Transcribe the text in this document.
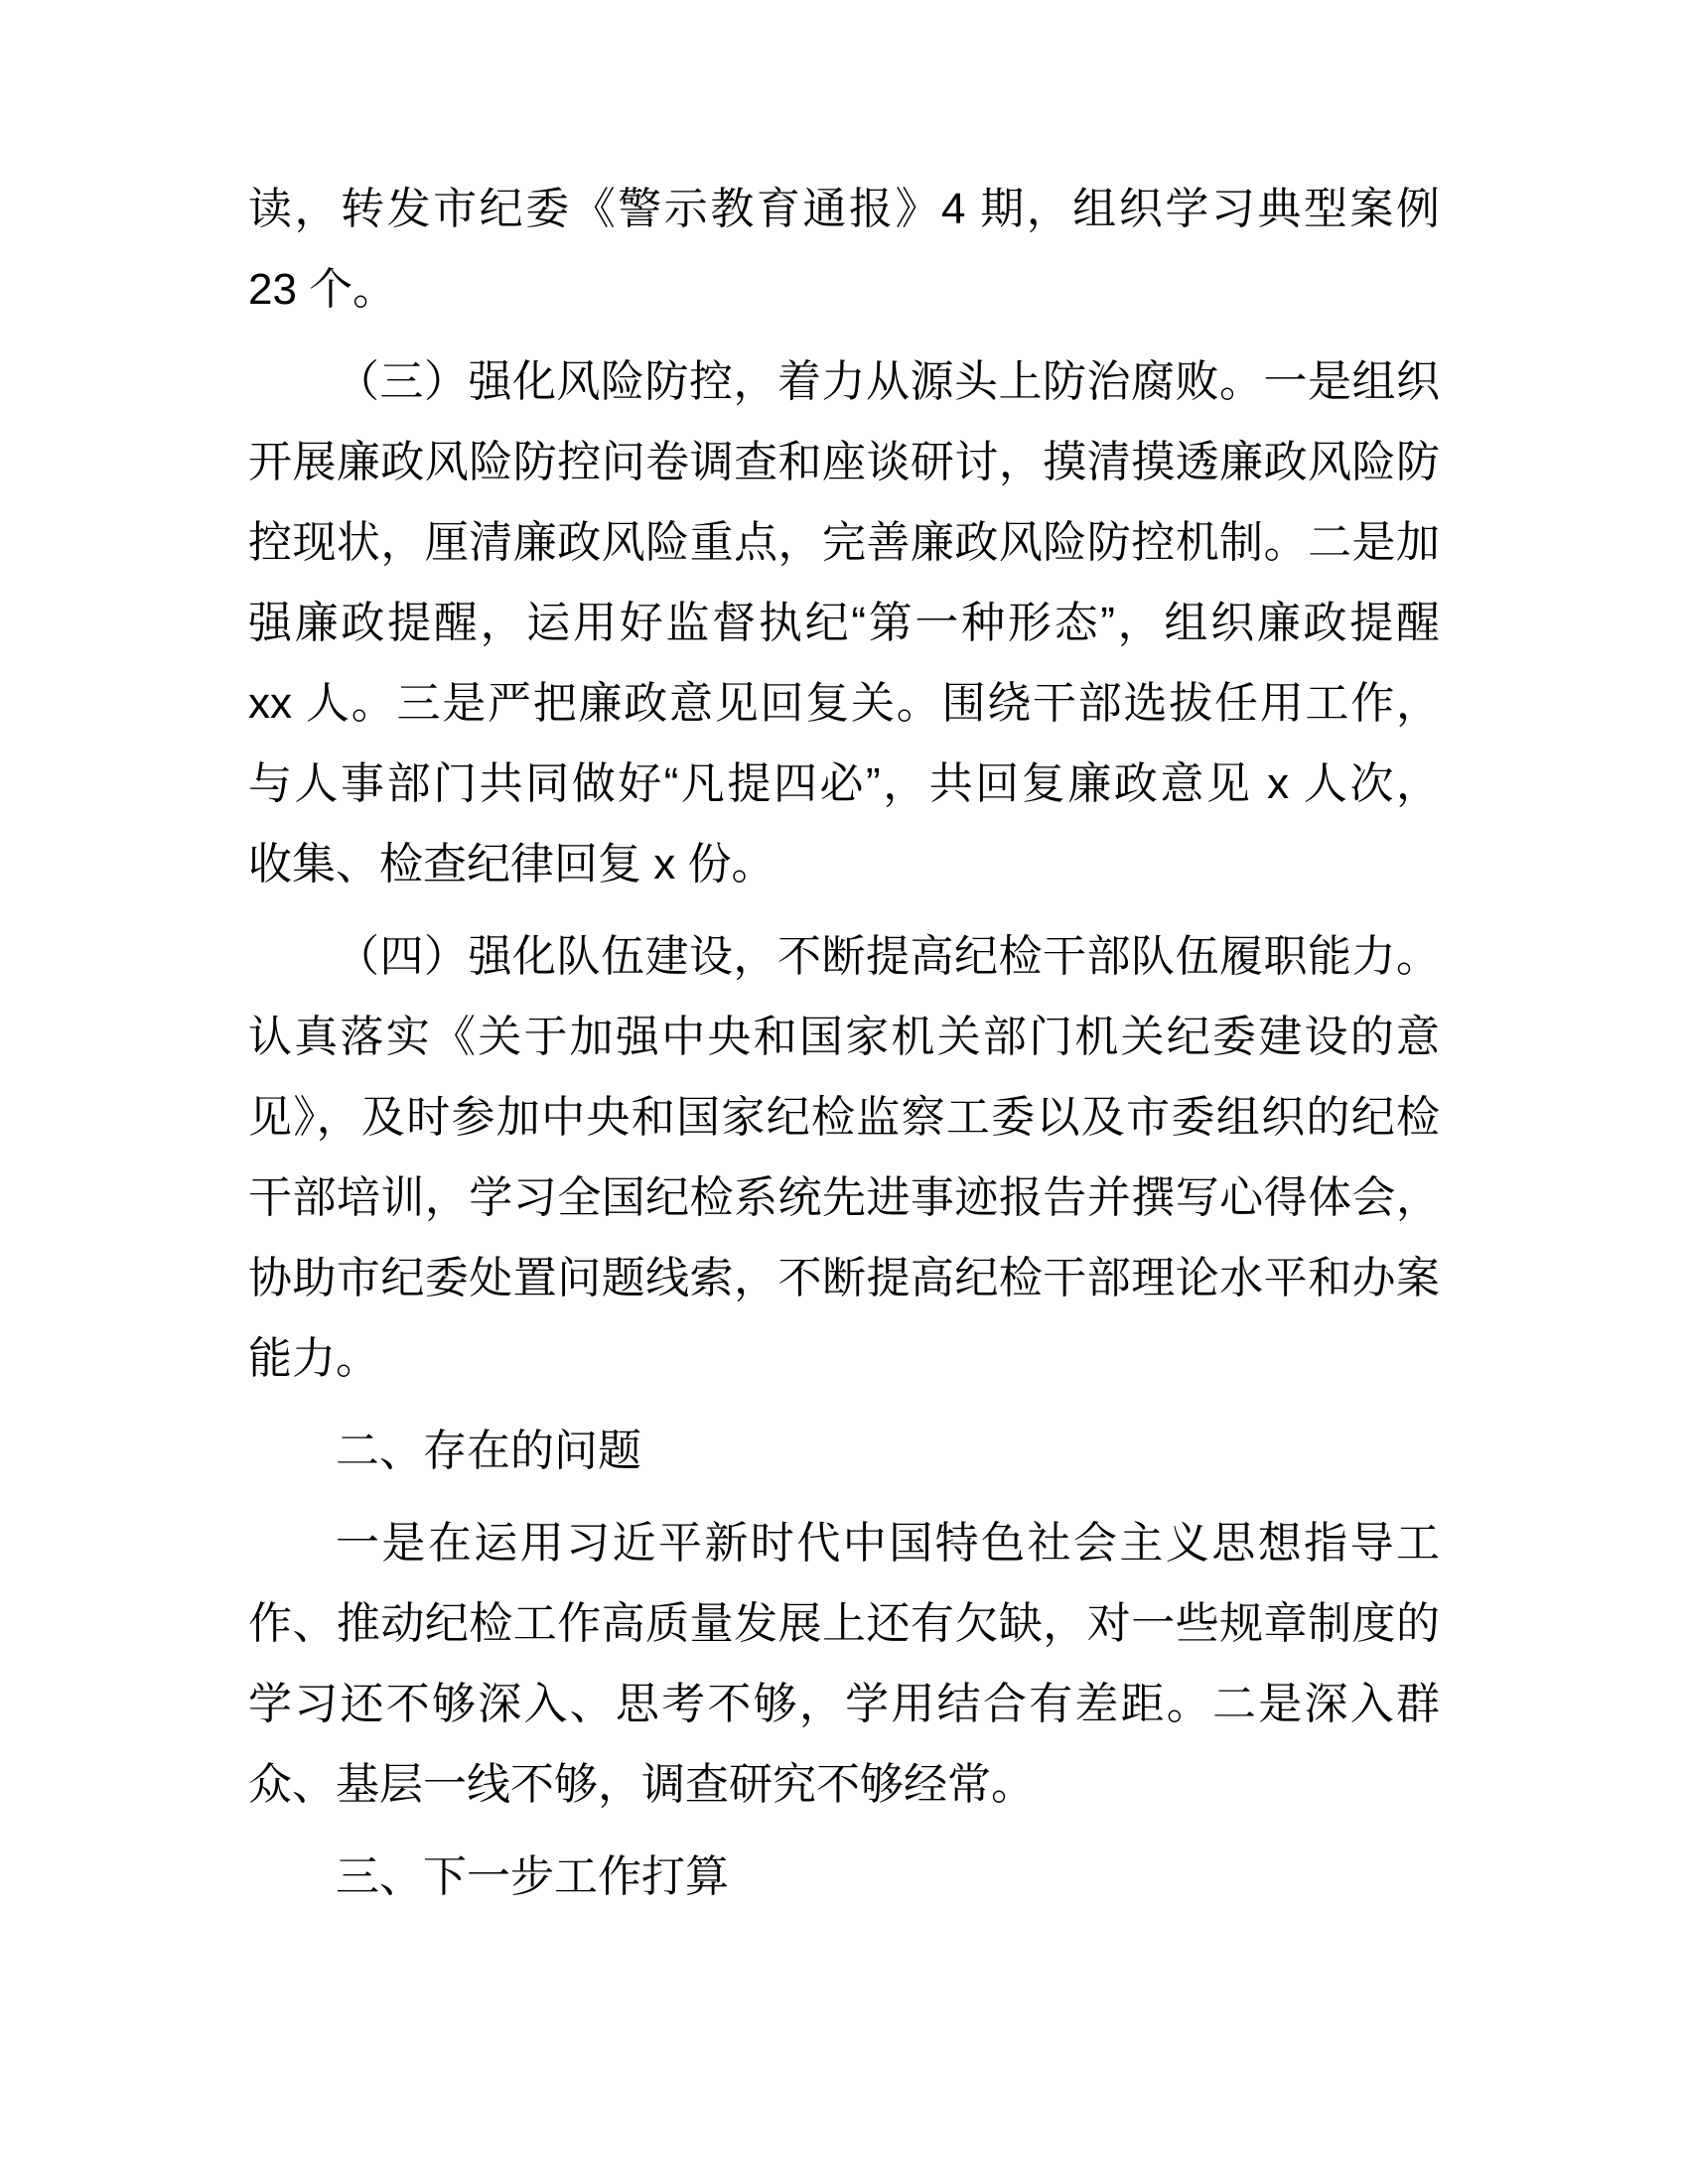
读，转发市纪委《警示教育通报》4 期，组织学习典型案例
23 个。
（三）强化风险防控，着力从源头上防治腐败。一是组织
开展廉政风险防控问卷调查和座谈研讨，摸清摸透廉政风险防
控现状，厘清廉政风险重点，完善廉政风险防控机制。二是加
强廉政提醒，运用好监督执纪“第一种形态”，组织廉政提醒
xx 人。三是严把廉政意见回复关。围绕干部选拔任用工作，
与人事部门共同做好“凡提四必”，共回复廉政意见 x 人次，
收集、检查纪律回复 x 份。
（四）强化队伍建设，不断提高纪检干部队伍履职能力。
认真落实《关于加强中央和国家机关部门机关纪委建设的意
见》，及时参加中央和国家纪检监察工委以及市委组织的纪检
干部培训，学习全国纪检系统先进事迹报告并撰写心得体会，
协助市纪委处置问题线索，不断提高纪检干部理论水平和办案
能力。
二、存在的问题
一是在运用习近平新时代中国特色社会主义思想指导工
作、推动纪检工作高质量发展上还有欠缺，对一些规章制度的
学习还不够深入、思考不够，学用结合有差距。二是深入群
众、基层一线不够，调查研究不够经常。
三、下一步工作打算
